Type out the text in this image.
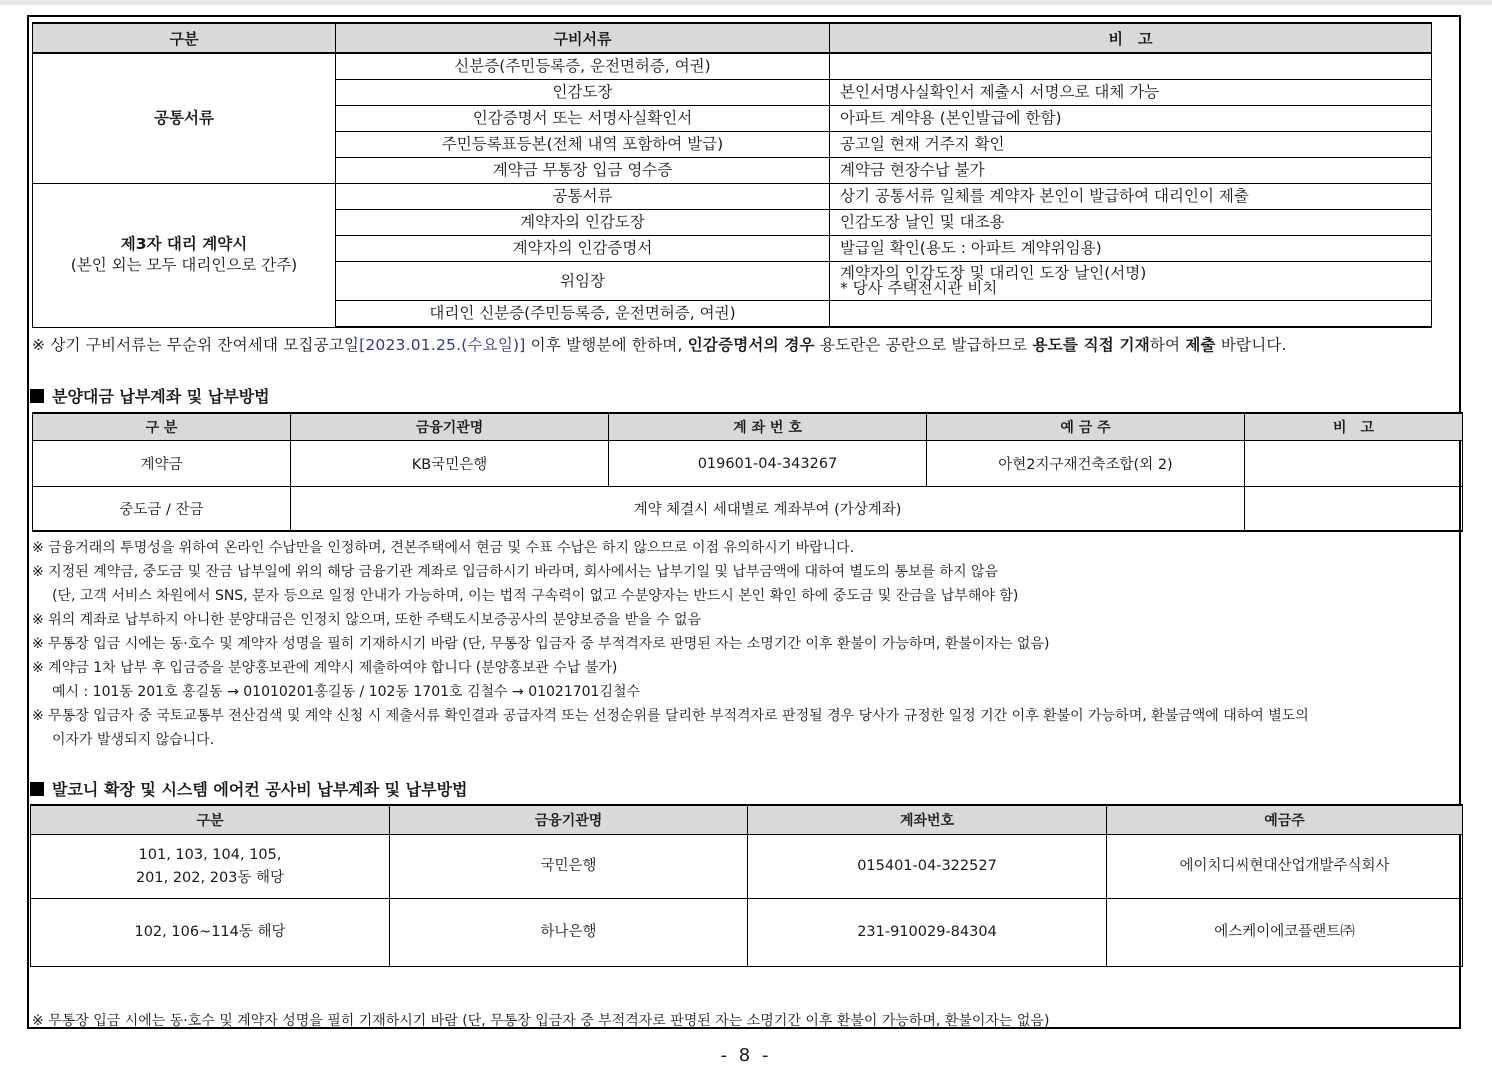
구분	구비서류	비　고
공통서류	신분증(주민등록증, 운전면허증, 여권)	
	인감도장	본인서명사실확인서 제출시 서명으로 대체 가능
	인감증명서 또는 서명사실확인서	아파트 계약용 (본인발급에 한함)
	주민등록표등본(전체 내역 포함하여 발급)	공고일 현재 거주지 확인
	계약금 무통장 입금 영수증	계약금 현장수납 불가
제3자 대리 계약시
(본인 외는 모두 대리인으로 간주)	공통서류	상기 공통서류 일체를 계약자 본인이 발급하여 대리인이 제출
	계약자의 인감도장	인감도장 날인 및 대조용
	계약자의 인감증명서	발급일 확인(용도 : 아파트 계약위임용)
	위임장	계약자의 인감도장 및 대리인 도장 날인(서명)
* 당사 주택전시관 비치

	대리인 신분증(주민등록증, 운전면허증, 여권)	
※ 상기 구비서류는 무순위 잔여세대 모집공고일[2023.01.25.(수요일)] 이후 발행분에 한하며, 인감증명서의 경우 용도란은 공란으로 발급하므로 용도를 직접 기재하여 제출 바랍니다.
분양대금 납부계좌 및 납부방법
구 분	금융기관명	계 좌 번 호	예 금 주	비　고
계약금	KB국민은행	019601-04-343267	아현2지구재건축조합(외 2)	
중도금 / 잔금	계약 체결시 세대별로 계좌부여 (가상계좌)			
※ 금융거래의 투명성을 위하여 온라인 수납만을 인정하며, 견본주택에서 현금 및 수표 수납은 하지 않으므로 이점 유의하시기 바랍니다.
※ 지정된 계약금, 중도금 및 잔금 납부일에 위의 해당 금융기관 계좌로 입금하시기 바라며, 회사에서는 납부기일 및 납부금액에 대하여 별도의 통보를 하지 않음
(단, 고객 서비스 차원에서 SNS, 문자 등으로 일정 안내가 가능하며, 이는 법적 구속력이 없고 수분양자는 반드시 본인 확인 하에 중도금 및 잔금을 납부해야 함)
※ 위의 계좌로 납부하지 아니한 분양대금은 인정치 않으며, 또한 주택도시보증공사의 분양보증을 받을 수 없음
※ 무통장 입금 시에는 동·호수 및 계약자 성명을 필히 기재하시기 바람 (단, 무통장 입금자 중 부적격자로 판명된 자는 소명기간 이후 환불이 가능하며, 환불이자는 없음)
※ 계약금 1차 납부 후 입금증을 분양홍보관에 계약시 제출하여야 합니다 (분양홍보관 수납 불가)
예시 : 101동 201호 홍길동 → 01010201홍길동 / 102동 1701호 김철수 → 01021701김철수
※ 무통장 입금자 중 국토교통부 전산검색 및 계약 신청 시 제출서류 확인결과 공급자격 또는 선정순위를 달리한 부적격자로 판정될 경우 당사가 규정한 일정 기간 이후 환불이 가능하며, 환불금액에 대하여 별도의
이자가 발생되지 않습니다.
발코니 확장 및 시스템 에어컨 공사비 납부계좌 및 납부방법
구분	금융기관명	계좌번호	예금주

101, 103, 104, 105,
201, 202, 203동 해당	국민은행	015401-04-322527	에이치디씨현대산업개발주식회사
102, 106~114동 해당	하나은행	231-910029-84304	에스케이에코플랜트㈜
※ 무통장 입금 시에는 동·호수 및 계약자 성명을 필히 기재하시기 바람 (단, 무통장 입금자 중 부적격자로 판명된 자는 소명기간 이후 환불이 가능하며, 환불이자는 없음)
- 8 -
